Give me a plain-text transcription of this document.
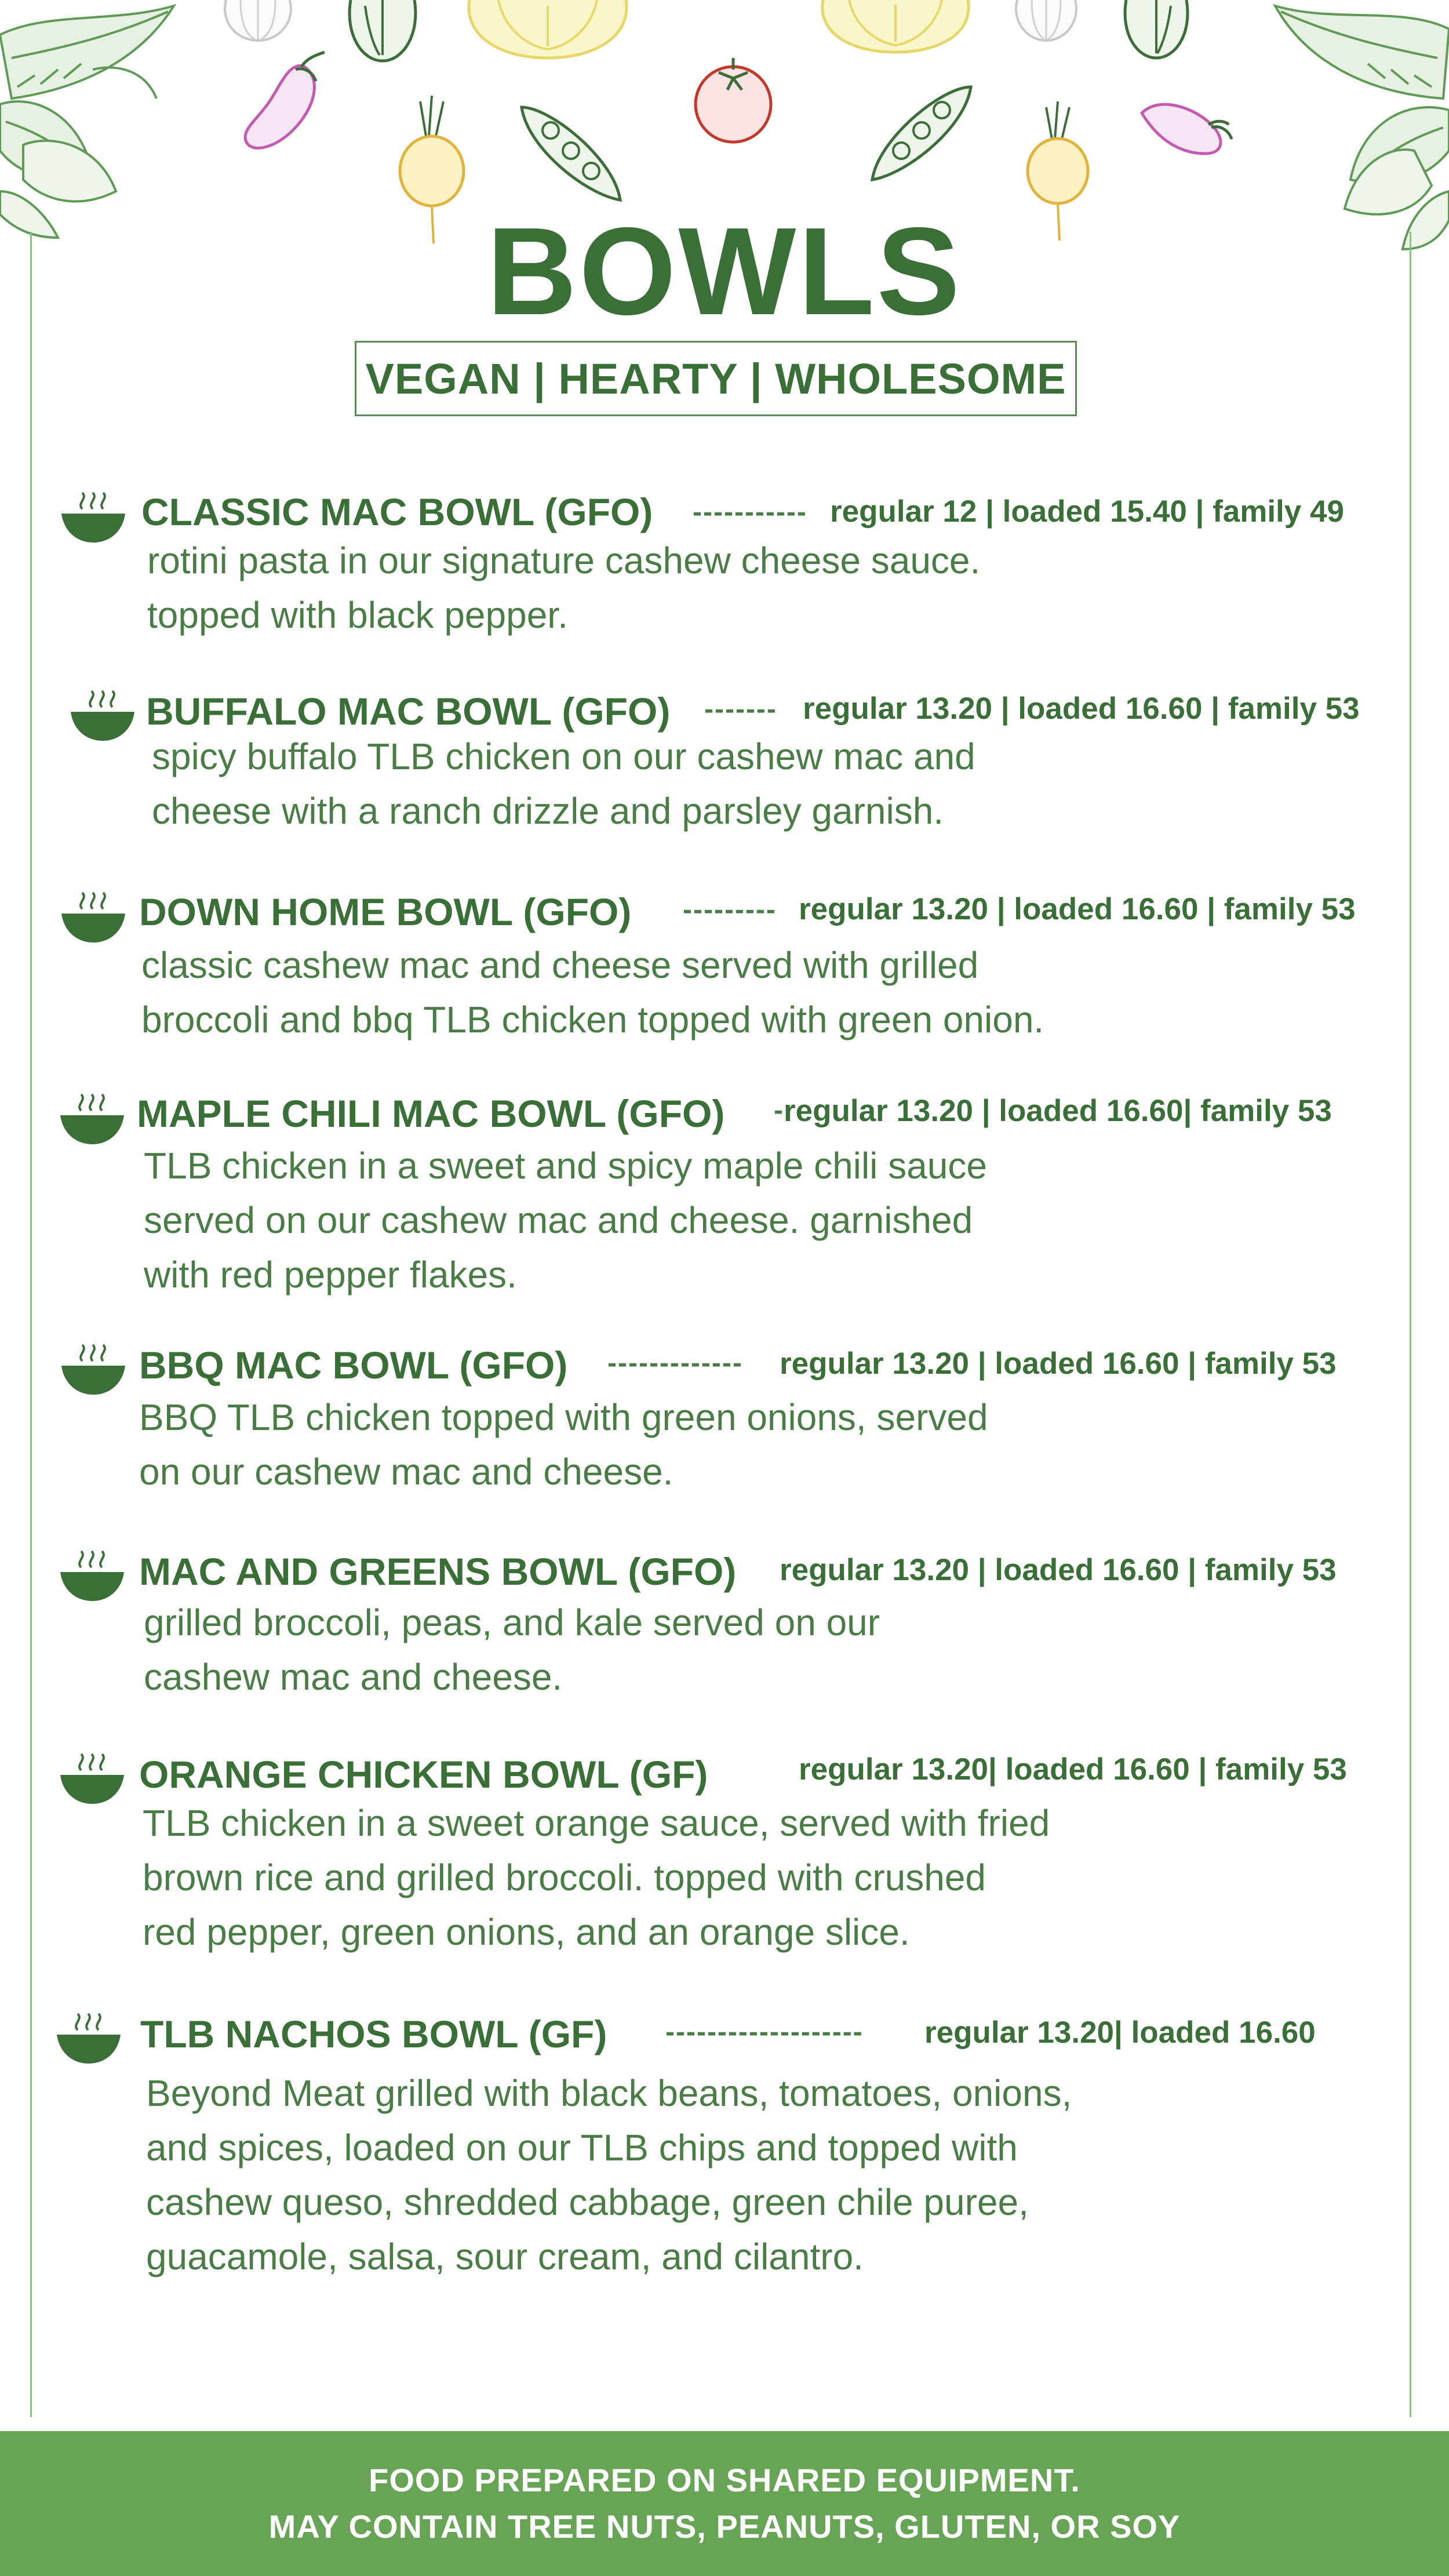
BOWLS
VEGAN | HEARTY | WHOLESOME
CLASSIC MAC BOWL (GFO) ----------- regular 12 | loaded 15.40 | family 49
rotini pasta in our signature cashew cheese sauce.
topped with black pepper.
BUFFALO MAC BOWL (GFO) ------- regular 13.20 | loaded 16.60 | family 53
spicy buffalo TLB chicken on our cashew mac and
cheese with a ranch drizzle and parsley garnish.
DOWN HOME BOWL (GFO) --------- regular 13.20 | loaded 16.60 | family 53
classic cashew mac and cheese served with grilled
broccoli and bbq TLB chicken topped with green onion.
MAPLE CHILI MAC BOWL (GFO) - regular 13.20 | loaded 16.60| family 53
TLB chicken in a sweet and spicy maple chili sauce
served on our cashew mac and cheese. garnished
with red pepper flakes.
BBQ MAC BOWL (GFO) ------------- regular 13.20 | loaded 16.60 | family 53
BBQ TLB chicken topped with green onions, served
on our cashew mac and cheese.
MAC AND GREENS BOWL (GFO) regular 13.20 | loaded 16.60 | family 53
grilled broccoli, peas, and kale served on our
cashew mac and cheese.
ORANGE CHICKEN BOWL (GF)	regular 13.20| loaded 16.60 | family 53
TLB chicken in a sweet orange sauce, served with fried
brown rice and grilled broccoli. topped with crushed
red pepper, green onions, and an orange slice.
TLB NACHOS BOWL (GF) ------------------- regular 13.20| loaded 16.60
Beyond Meat grilled with black beans, tomatoes, onions,
and spices, loaded on our TLB chips and topped with
cashew queso, shredded cabbage, green chile puree,
guacamole, salsa, sour cream, and cilantro.
FOOD PREPARED ON SHARED EQUIPMENT.
MAY CONTAIN TREE NUTS, PEANUTS, GLUTEN, OR SOY
